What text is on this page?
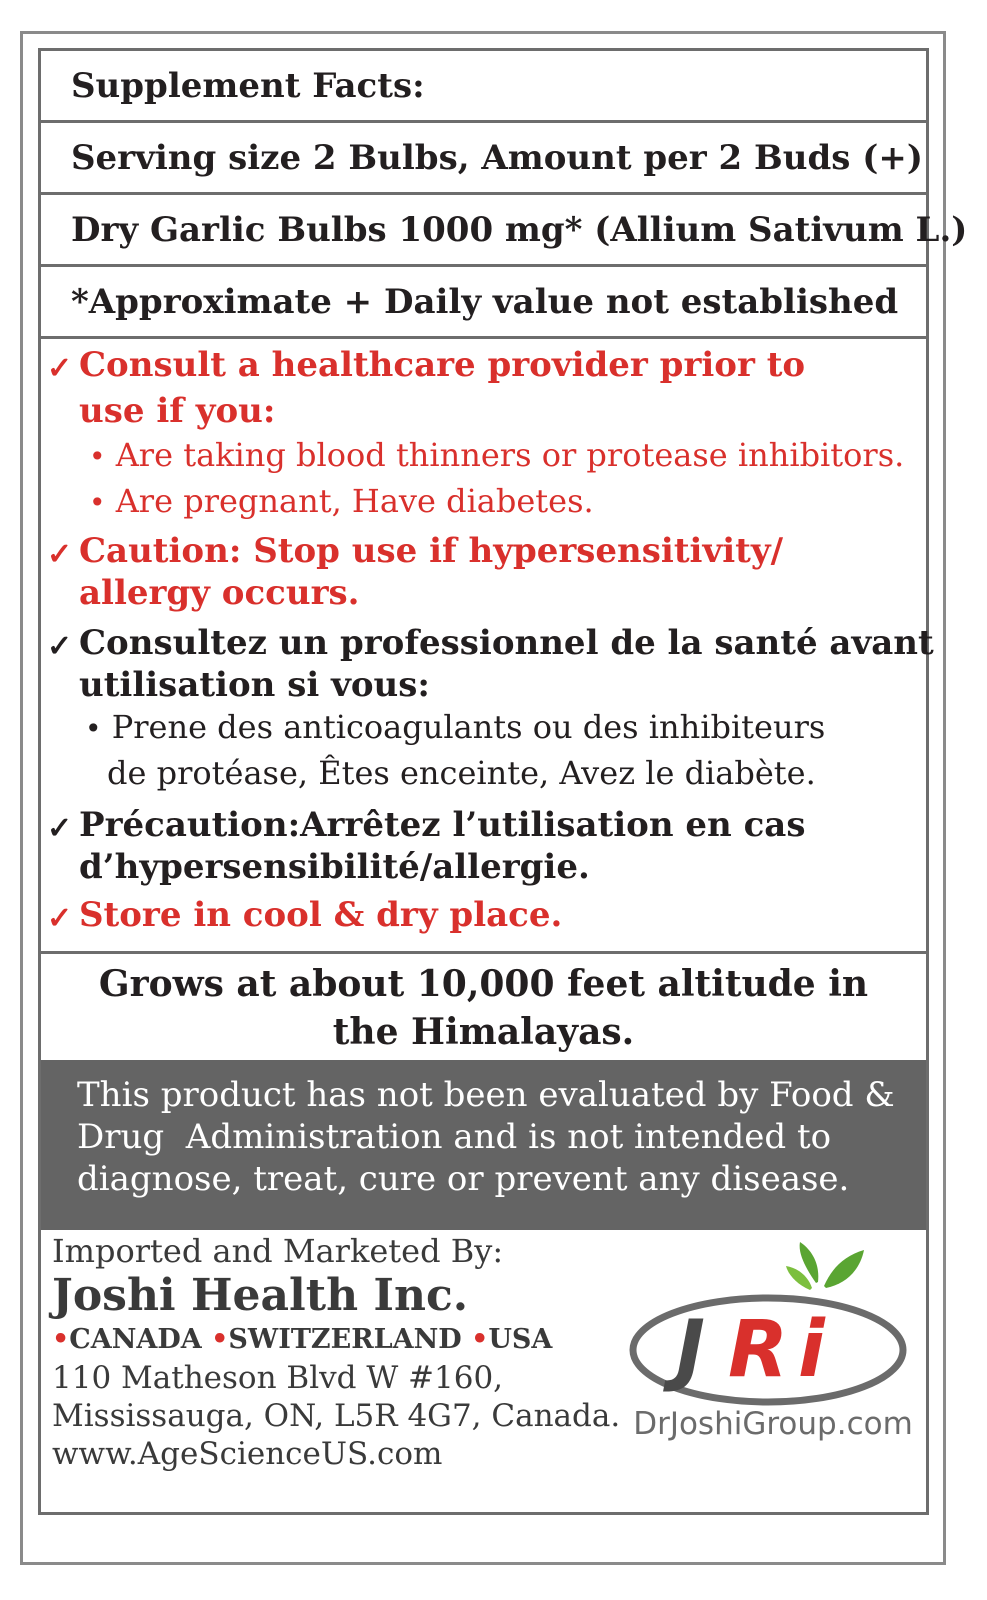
Supplement Facts:
Serving size 2 Bulbs, Amount per 2 Buds (+)
Dry Garlic Bulbs 1000 mg* (Allium Sativum L.)
*Approximate + Daily value not established
✓ Consult a healthcare provider prior to
use if you:
• Are taking blood thinners or protease inhibitors.
• Are pregnant, Have diabetes.
✓ Caution: Stop use if hypersensitivity/
allergy occurs.
✓ Consultez un professionnel de la santé avant
utilisation si vous:
• Prene des anticoagulants ou des inhibiteurs
de protéase, Êtes enceinte, Avez le diabète.
✓ Précaution:Arrêtez l’utilisation en cas
d’hypersensibilité/allergie.
✓ Store in cool & dry place.
Grows at about 10,000 feet altitude in
the Himalayas.
This product has not been evaluated by Food &
Drug  Administration and is not intended to
diagnose, treat, cure or prevent any disease.
Imported and Marketed By:
Joshi Health Inc.
•CANADA •SWITZERLAND •USA
110 Matheson Blvd W #160,
Mississauga, ON, L5R 4G7, Canada.
www.AgeScienceUS.com
J R i
DrJoshiGroup.com
